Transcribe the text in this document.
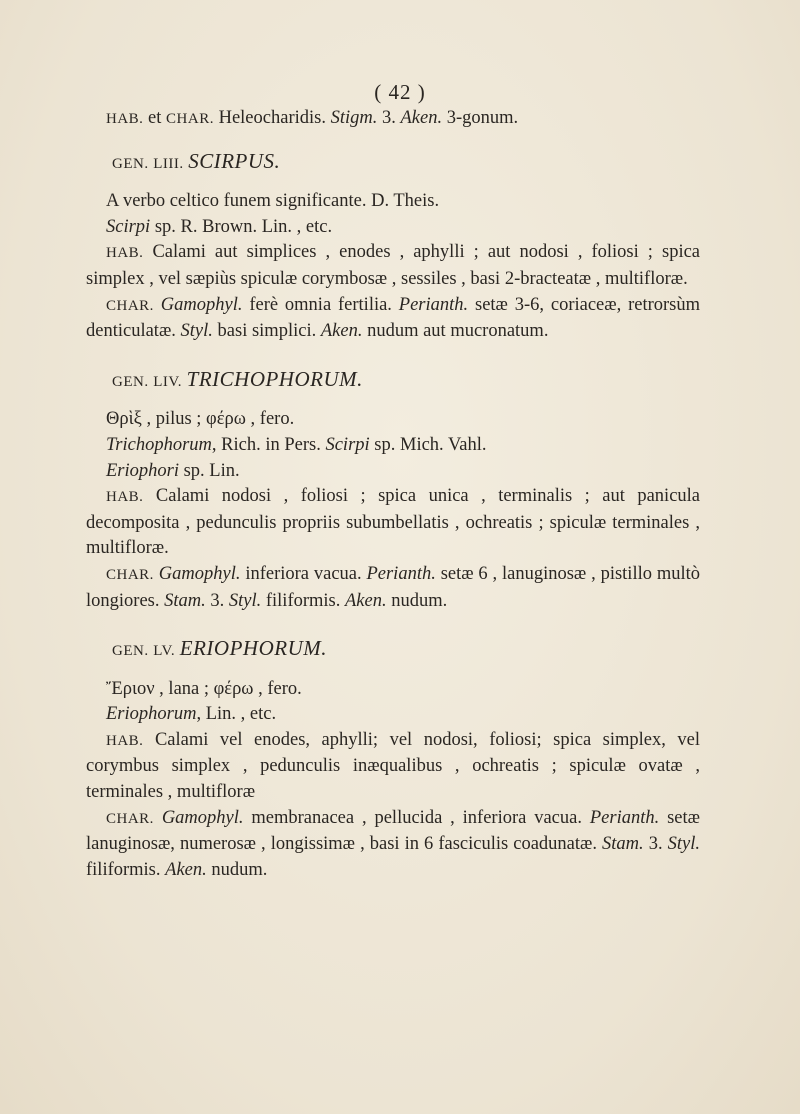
( 42 )

HAB. et CHAR. Heleocharidis. Stigm. 3. Aken. 3-gonum.

GEN. LIII. SCIRPUS.

A verbo celtico funem significante. D. Theis.

Scirpi sp. R. Brown. Lin. , etc.

HAB. Calami aut simplices , enodes , aphylli ; aut nodosi , foliosi ; spica simplex , vel sæpiùs spiculæ corymbosæ , sessiles , basi 2-bracteatæ , multifloræ.

CHAR. Gamophyl. ferè omnia fertilia. Perianth. setæ 3-6, coriaceæ, retrorsùm denticulatæ. Styl. basi simplici. Aken. nudum aut mucronatum.

GEN. LIV. TRICHOPHORUM.

Θρὶξ , pilus ; φέρω , fero.

Trichophorum, Rich. in Pers. Scirpi sp. Mich. Vahl.

Eriophori sp. Lin.

HAB. Calami nodosi , foliosi ; spica unica , terminalis ; aut panicula decomposita , pedunculis propriis subumbellatis , ochreatis ; spiculæ terminales , multifloræ.

CHAR. Gamophyl. inferiora vacua. Perianth. setæ 6 , lanuginosæ , pistillo multò longiores. Stam. 3. Styl. filiformis. Aken. nudum.

GEN. LV. ERIOPHORUM.

Ἔριον , lana ; φέρω , fero.

Eriophorum, Lin. , etc.

HAB. Calami vel enodes, aphylli; vel nodosi, foliosi; spica simplex, vel corymbus simplex , pedunculis inæqualibus , ochreatis ; spiculæ ovatæ , terminales , multifloræ

CHAR. Gamophyl. membranacea , pellucida , inferiora vacua. Perianth. setæ lanuginosæ, numerosæ , longissimæ , basi in 6 fasciculis coadunatæ. Stam. 3. Styl. filiformis. Aken. nudum.
